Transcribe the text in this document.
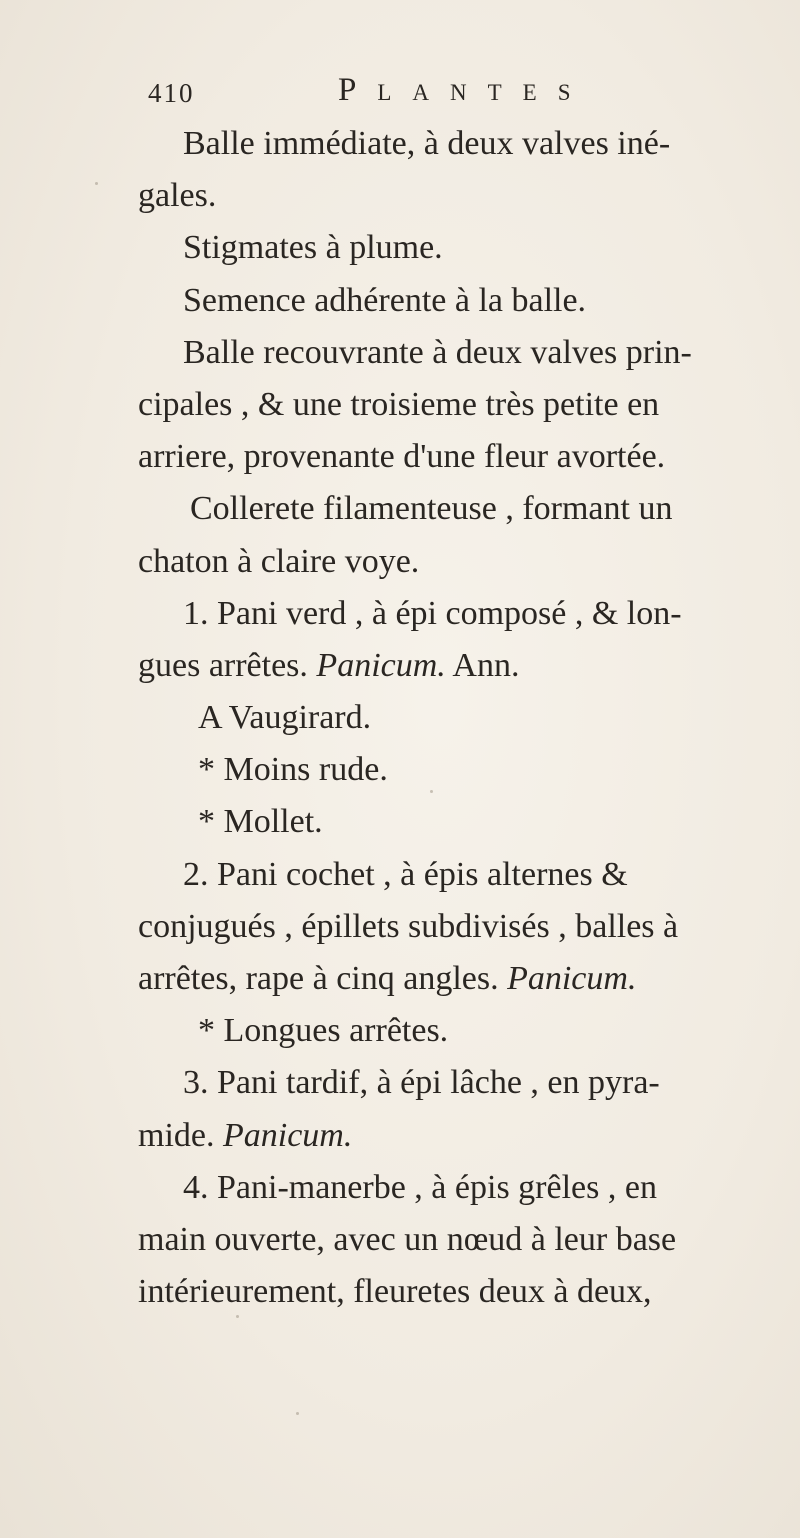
410	Plantes
Balle immédiate, à deux valves iné-
gales.
Stigmates à plume.
Semence adhérente à la balle.
Balle recouvrante à deux valves prin-
cipales , & une troisieme très petite en
arriere, provenante d'une fleur avortée.
Collerete filamenteuse , formant un
chaton à claire voye.
1. Pani verd , à épi composé , & lon-
gues arrêtes. Panicum. Ann.
A Vaugirard.
* Moins rude.
* Mollet.
2. Pani cochet , à épis alternes &
conjugués , épillets subdivisés , balles à
arrêtes, rape à cinq angles. Panicum.
* Longues arrêtes.
3. Pani tardif, à épi lâche , en pyra-
mide. Panicum.
4. Pani-manerbe , à épis grêles , en
main ouverte, avec un nœud à leur base
intérieurement, fleuretes deux à deux,
